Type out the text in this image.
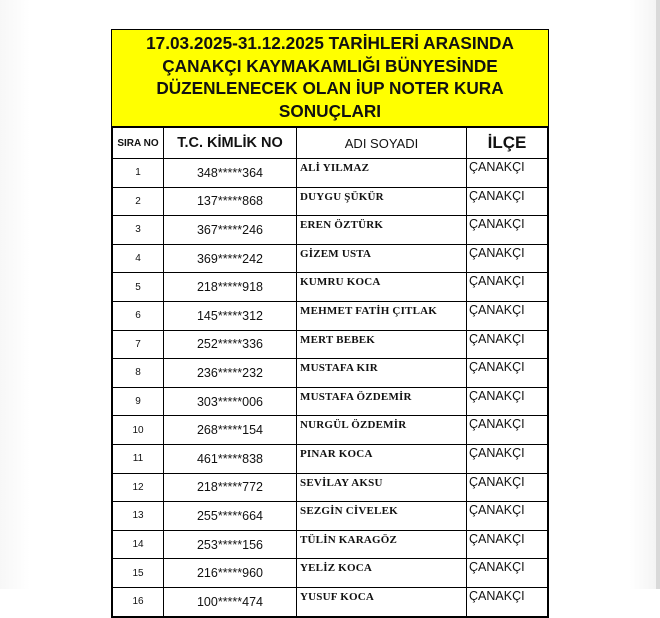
17.03.2025-31.12.2025 TARİHLERİ ARASINDA
ÇANAKÇI KAYMAKAMLIĞI BÜNYESİNDE
DÜZENLENECEK OLAN İUP NOTER KURA
SONUÇLARI
SIRA NO	T.C. KİMLİK NO	ADI SOYADI	İLÇE
1	348*****364	ALİ YILMAZ	ÇANAKÇI
2	137*****868	DUYGU ŞÜKÜR	ÇANAKÇI
3	367*****246	EREN ÖZTÜRK	ÇANAKÇI
4	369*****242	GİZEM USTA	ÇANAKÇI
5	218*****918	KUMRU KOCA	ÇANAKÇI
6	145*****312	MEHMET FATİH ÇITLAK	ÇANAKÇI
7	252*****336	MERT BEBEK	ÇANAKÇI
8	236*****232	MUSTAFA KIR	ÇANAKÇI
9	303*****006	MUSTAFA ÖZDEMİR	ÇANAKÇI
10	268*****154	NURGÜL ÖZDEMİR	ÇANAKÇI
11	461*****838	PINAR KOCA	ÇANAKÇI
12	218*****772	SEVİLAY AKSU	ÇANAKÇI
13	255*****664	SEZGİN CİVELEK	ÇANAKÇI
14	253*****156	TÜLİN KARAGÖZ	ÇANAKÇI
15	216*****960	YELİZ KOCA	ÇANAKÇI
16	100*****474	YUSUF KOCA	ÇANAKÇI
